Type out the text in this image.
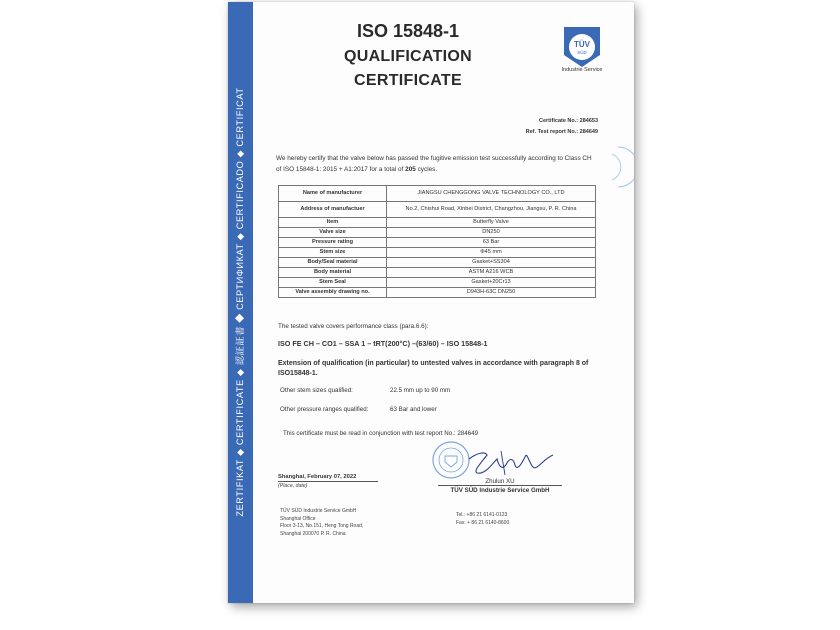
ZERTIFIKAT ◆ CERTIFICATE ◆ 認証証書 ◆ СЕРТИФИКАТ ◆ CERTIFICADO ◆ CERTIFICAT
ISO 15848-1
QUALIFICATION
CERTIFICATE
TÜV
SÜD
Industrie Service
Certificate No.: 284653
Ref. Test report No.: 284649
We hereby certify that the valve below has passed the fugitive emission test successfully according to Class CH of ISO 15848-1: 2015 + A1:2017 for a total of 205 cycles.
Name of manufacturer	JIANGSU CHENGGONG VALVE TECHNOLOGY CO., LTD
Address of manufactuer	No.2, Chishui Road, Xinbei District, Changzhou, Jiangsu, P. R. China
Item	Butterfly Valve
Valve size	DN250
Pressure rating	63 Bar
Stem size	Φ45 mm
Body/Seal material	Gasket+SS304
Body material	ASTM A216 WCB
Stem Seal	Gasket+20Cr13
Valve assembly drawing no.	D943H-63C DN250
The tested valve covers performance class (para.6.6):
ISO FE CH – CO1 – SSA 1 – tRT(200°C) –(63/60) – ISO 15848-1
Extension of qualification (in particular) to untested valves in accordance with paragraph 8 of ISO15848-1.
Other stem sizes qualified:	22.5 mm up to 90 mm
Other pressure ranges qualified:	63 Bar and lower
This certificate must be read in conjunction with test report No.: 284649
Shanghai, February 07, 2022
(Place, date)
Zhulun XU
TÜV SÜD Industrie Service GmbH
TÜV SÜD Industrie Service GmbH
Shanghai Office
Floor 3-13, No.151, Heng Tong Road,
Shanghai 200070 P. R. China
Tel.: +86 21 6141-0123
Fax: + 86 21 6140-8600
